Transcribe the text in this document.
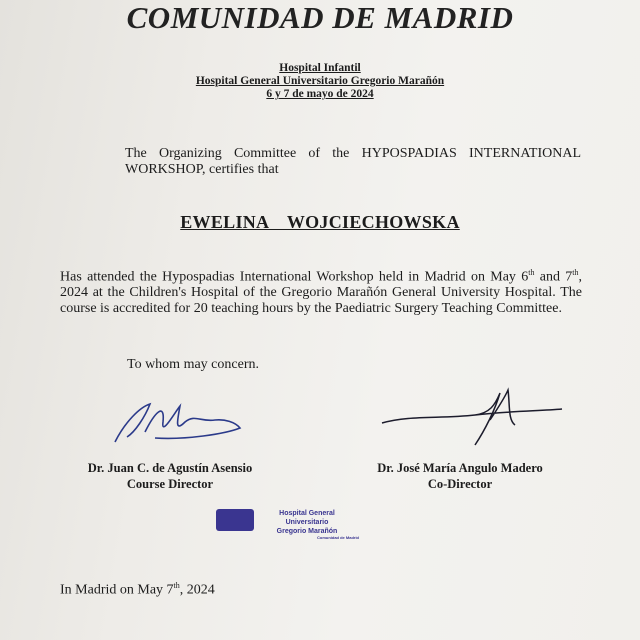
COMUNIDAD DE MADRID
Hospital Infantil
Hospital General Universitario Gregorio Marañón
6 y 7 de mayo de 2024
The Organizing Committee of the HYPOSPADIAS INTERNATIONAL WORKSHOP, certifies that
EWELINA WOJCIECHOWSKA
Has attended the Hypospadias International Workshop held in Madrid on May 6th and 7th, 2024 at the Children's Hospital of the Gregorio Marañón General University Hospital. The course is accredited for 20 teaching hours by the Paediatric Surgery Teaching Committee.
To whom may concern.
Dr. Juan C. de Agustín Asensio
Course Director
Dr. José María Angulo Madero
Co-Director
Hospital General Universitario
Gregorio Marañón
Comunidad de Madrid
In Madrid on May 7th, 2024
